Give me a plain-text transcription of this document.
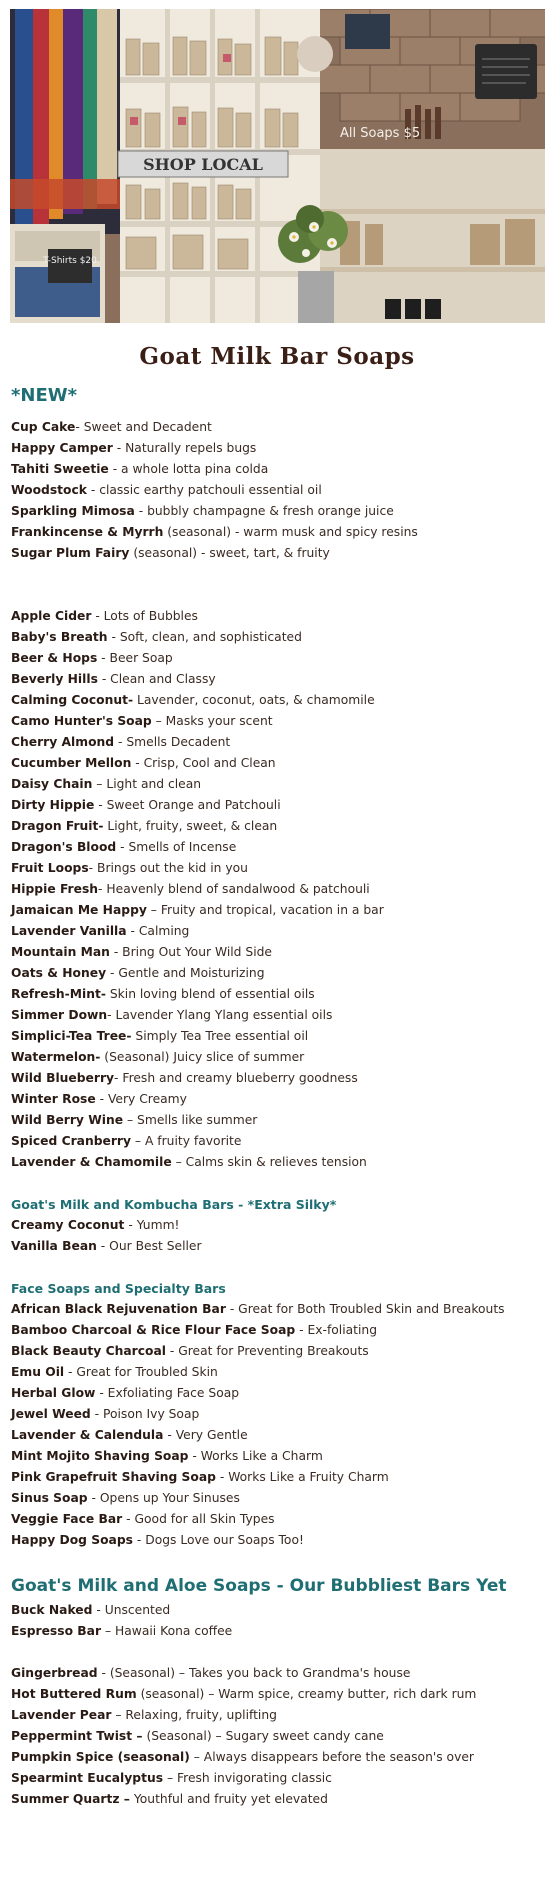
T-Shirts $20
SHOP LOCAL
All Soaps $5
Goat Milk Bar Soaps
*NEW*
Cup Cake- Sweet and Decadent
Happy Camper - Naturally repels bugs
Tahiti Sweetie - a whole lotta pina colda
Woodstock - classic earthy patchouli essential oil
Sparkling Mimosa - bubbly champagne & fresh orange juice
Frankincense & Myrrh (seasonal) - warm musk and spicy resins
Sugar Plum Fairy (seasonal) - sweet, tart, & fruity
Apple Cider - Lots of Bubbles
Baby's Breath - Soft, clean, and sophisticated
Beer & Hops - Beer Soap
Beverly Hills - Clean and Classy
Calming Coconut- Lavender, coconut, oats, & chamomile
Camo Hunter's Soap – Masks your scent
Cherry Almond - Smells Decadent
Cucumber Mellon - Crisp, Cool and Clean
Daisy Chain – Light and clean
Dirty Hippie - Sweet Orange and Patchouli
Dragon Fruit- Light, fruity, sweet, & clean
Dragon's Blood - Smells of Incense
Fruit Loops- Brings out the kid in you
Hippie Fresh- Heavenly blend of sandalwood & patchouli
Jamaican Me Happy – Fruity and tropical, vacation in a bar
Lavender Vanilla - Calming
Mountain Man - Bring Out Your Wild Side
Oats & Honey - Gentle and Moisturizing
Refresh-Mint- Skin loving blend of essential oils
Simmer Down- Lavender Ylang Ylang essential oils
Simplici-Tea Tree- Simply Tea Tree essential oil
Watermelon- (Seasonal) Juicy slice of summer
Wild Blueberry- Fresh and creamy blueberry goodness
Winter Rose - Very Creamy
Wild Berry Wine – Smells like summer
Spiced Cranberry – A fruity favorite
Lavender & Chamomile – Calms skin & relieves tension
Goat's Milk and Kombucha Bars - *Extra Silky*
Creamy Coconut - Yumm!
Vanilla Bean - Our Best Seller
Face Soaps and Specialty Bars
African Black Rejuvenation Bar - Great for Both Troubled Skin and Breakouts
Bamboo Charcoal & Rice Flour Face Soap - Ex-foliating
Black Beauty Charcoal - Great for Preventing Breakouts
Emu Oil - Great for Troubled Skin
Herbal Glow - Exfoliating Face Soap
Jewel Weed - Poison Ivy Soap
Lavender & Calendula - Very Gentle
Mint Mojito Shaving Soap - Works Like a Charm
Pink Grapefruit Shaving Soap - Works Like a Fruity Charm
Sinus Soap - Opens up Your Sinuses
Veggie Face Bar - Good for all Skin Types
Happy Dog Soaps - Dogs Love our Soaps Too!
Goat's Milk and Aloe Soaps - Our Bubbliest Bars Yet
Buck Naked - Unscented
Espresso Bar – Hawaii Kona coffee
Gingerbread - (Seasonal) – Takes you back to Grandma's house
Hot Buttered Rum (seasonal) – Warm spice, creamy butter, rich dark rum
Lavender Pear – Relaxing, fruity, uplifting
Peppermint Twist – (Seasonal) – Sugary sweet candy cane
Pumpkin Spice (seasonal) – Always disappears before the season's over
Spearmint Eucalyptus – Fresh invigorating classic
Summer Quartz – Youthful and fruity yet elevated
